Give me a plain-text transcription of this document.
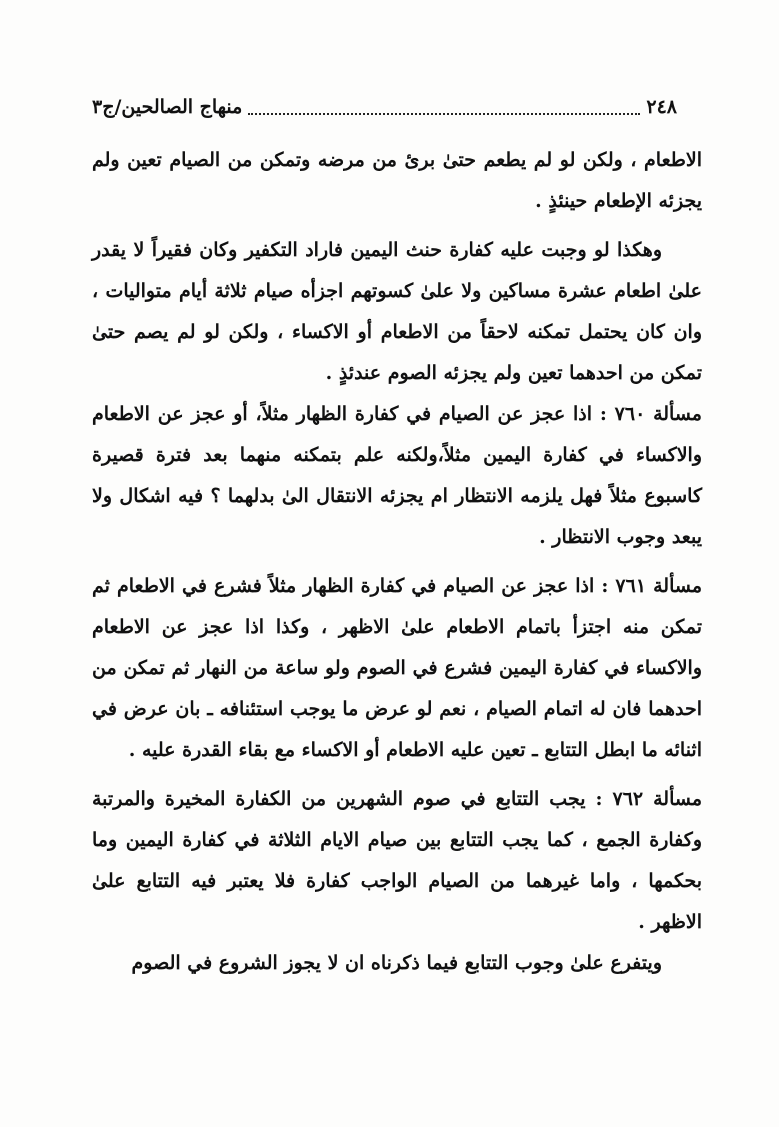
٢٤٨
منهاج الصالحين/ج٣

الاطعام ، ولكن لو لم يطعم حتىٰ برئ من مرضه وتمكن من الصيام تعين ولم يجزئه الإطعام حينئذٍ .

وهكذا لو وجبت عليه كفارة حنث اليمين فاراد التكفير وكان فقيراً لا يقدر علىٰ اطعام عشرة مساكين ولا علىٰ كسوتهم اجزأه صيام ثلاثة أيام متواليات ، وان كان يحتمل تمكنه لاحقاً من الاطعام أو الاكساء ، ولكن لو لم يصم حتىٰ تمكن من احدهما تعين ولم يجزئه الصوم عندئذٍ .

مسألة ٧٦٠ : اذا عجز عن الصيام في كفارة الظهار مثلاً، أو عجز عن الاطعام والاكساء في كفارة اليمين مثلاً،ولكنه علم بتمكنه منهما بعد فترة قصيرة كاسبوع مثلاً فهل يلزمه الانتظار ام يجزئه الانتقال الىٰ بدلهما ؟ فيه اشكال ولا يبعد وجوب الانتظار .

مسألة ٧٦١ : اذا عجز عن الصيام في كفارة الظهار مثلاً فشرع في الاطعام ثم تمكن منه اجتزأ باتمام الاطعام علىٰ الاظهر ، وكذا اذا عجز عن الاطعام والاكساء في كفارة اليمين فشرع في الصوم ولو ساعة من النهار ثم تمكن من احدهما فان له اتمام الصيام ، نعم لو عرض ما يوجب استئنافه ـ بان عرض في اثنائه ما ابطل التتابع ـ تعين عليه الاطعام أو الاكساء مع بقاء القدرة عليه .

مسألة ٧٦٢ : يجب التتابع في صوم الشهرين من الكفارة المخيرة والمرتبة وكفارة الجمع ، كما يجب التتابع بين صيام الايام الثلاثة في كفارة اليمين وما بحكمها ، واما غيرهما من الصيام الواجب كفارة فلا يعتبر فيه التتابع علىٰ الاظهر .

ويتفرع علىٰ وجوب التتابع فيما ذكرناه ان لا يجوز الشروع في الصوم
